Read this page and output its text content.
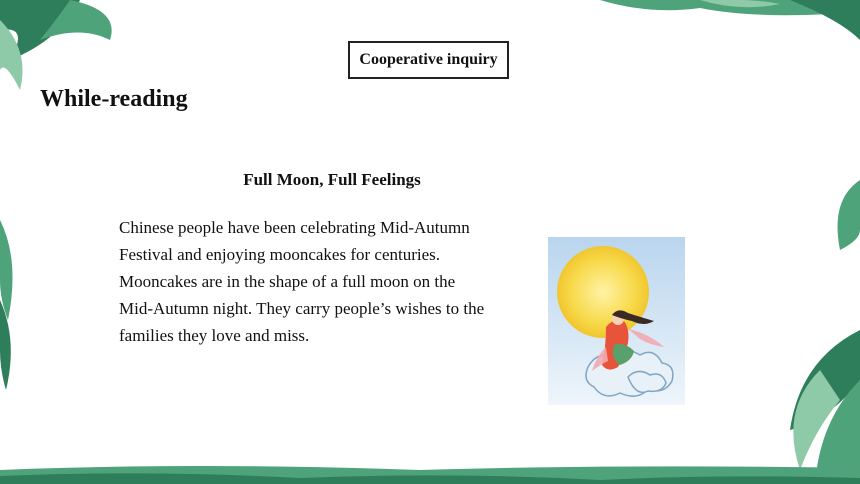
Cooperative inquiry
While-reading
Full Moon, Full Feelings

Chinese people have been celebrating Mid-Autumn

Festival and enjoying mooncakes for centuries.

Mooncakes are in the shape of a full moon on the

Mid-Autumn night. They carry people’s wishes to the

families they love and miss.
